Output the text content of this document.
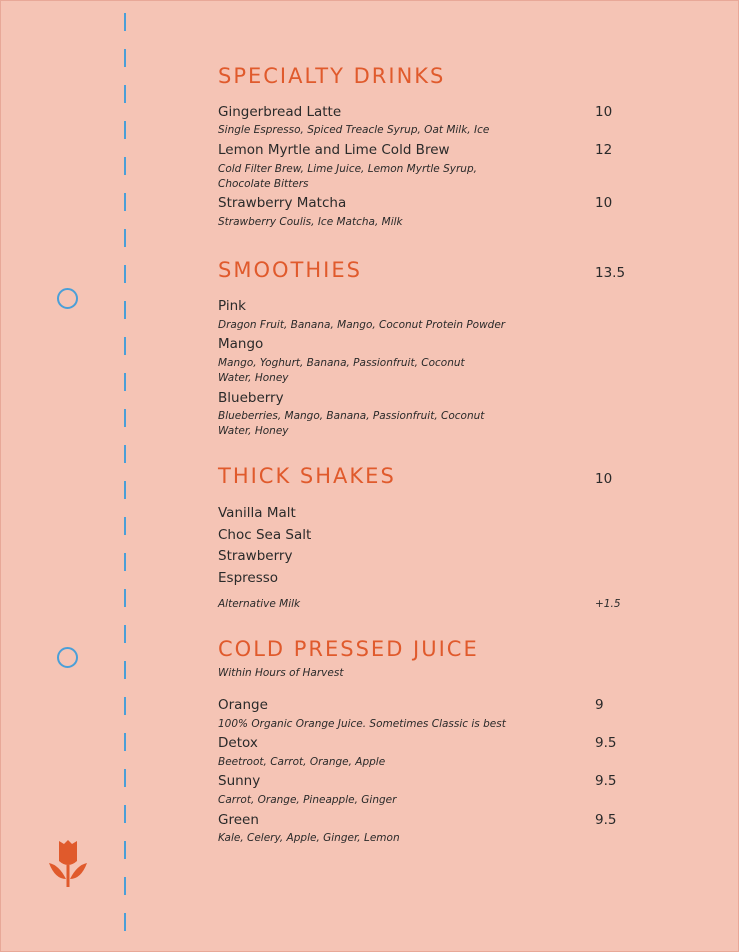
SPECIALTY DRINKS
Gingerbread Latte	10
Single Espresso, Spiced Treacle Syrup, Oat Milk, Ice
Lemon Myrtle and Lime Cold Brew	12
Cold Filter Brew, Lime Juice, Lemon Myrtle Syrup, Chocolate Bitters
Strawberry Matcha	10
Strawberry Coulis, Ice Matcha, Milk
SMOOTHIES	13.5
Pink
Dragon Fruit, Banana, Mango, Coconut Protein Powder
Mango
Mango, Yoghurt, Banana, Passionfruit, Coconut Water, Honey
Blueberry
Blueberries, Mango, Banana, Passionfruit, Coconut Water, Honey
THICK SHAKES	10
Vanilla Malt
Choc Sea Salt
Strawberry
Espresso
Alternative Milk	+1.5
COLD PRESSED JUICE
Within Hours of Harvest
Orange	9
100% Organic Orange Juice. Sometimes Classic is best
Detox	9.5
Beetroot, Carrot, Orange, Apple
Sunny	9.5
Carrot, Orange, Pineapple, Ginger
Green	9.5
Kale, Celery, Apple, Ginger, Lemon
